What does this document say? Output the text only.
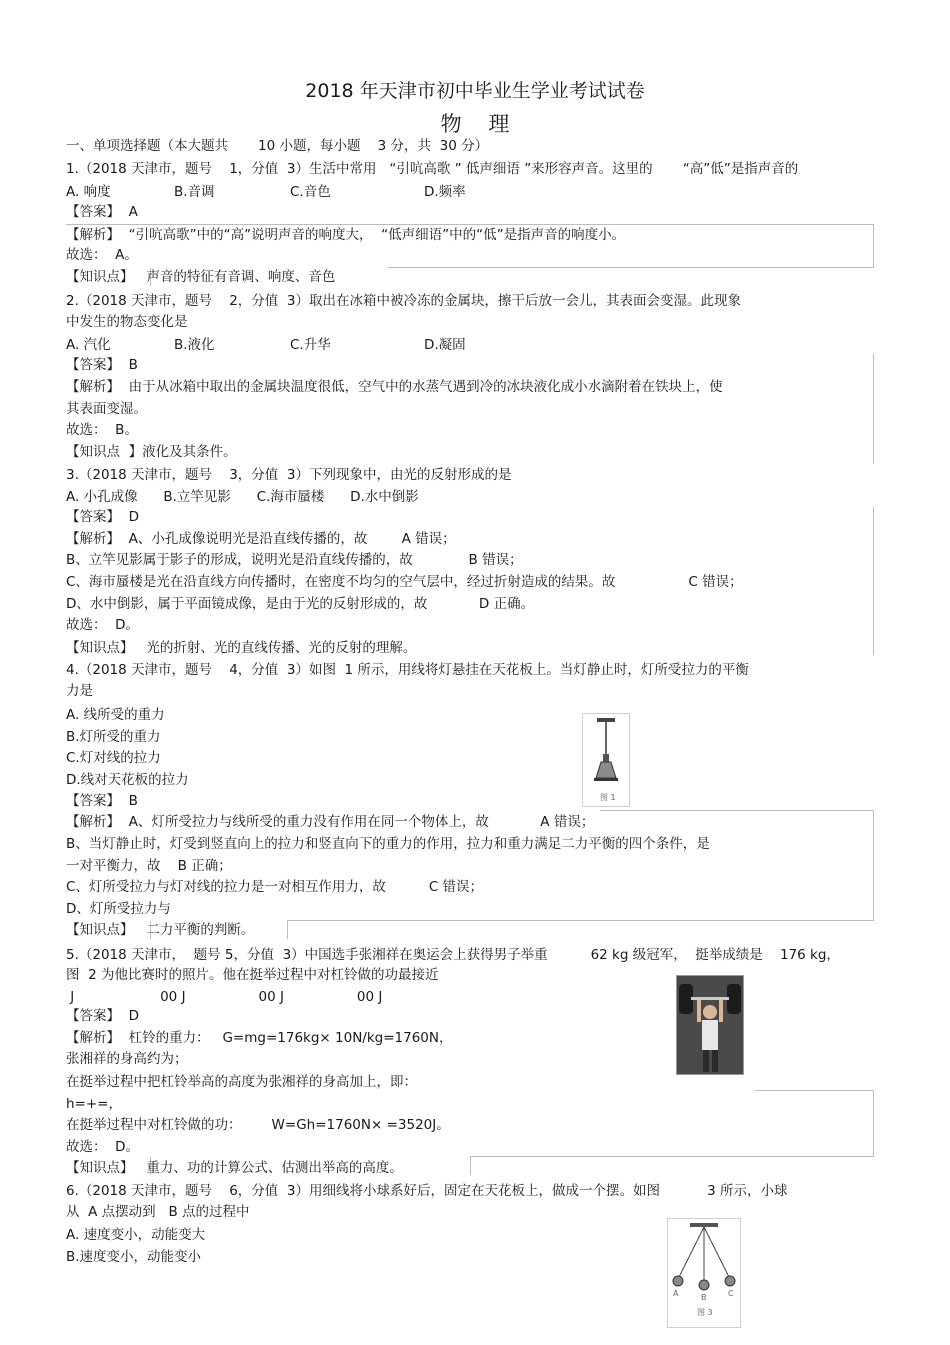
2018 年天津市初中毕业生学业考试试卷
物    理
一、单项选择题（本大题共       10 小题，每小题    3 分，共  30 分）
1.（2018 天津市，题号    1，分值  3）生活中常用   “引吭高歌 ” 低声细语 ”来形容声音。这里的       “高”低”是指声音的
A. 响度	B.音调	C.音色	D.频率
【答案】  A
【解析】  “引吭高歌”中的“高”说明声音的响度大，  “低声细语”中的“低”是指声音的响度小。
故选：  A。
【知识点】   声音的特征有音调、响度、音色
2.（2018 天津市，题号    2，分值  3）取出在冰箱中被冷冻的金属块，擦干后放一会儿，其表面会变湿。此现象
中发生的物态变化是
A. 汽化	B.液化	C.升华	D.凝固
【答案】  B
【解析】  由于从冰箱中取出的金属块温度很低，空气中的水蒸气遇到冷的冰块液化成小水滴附着在铁块上，使
其表面变湿。
故选：  B。
【知识点  】液化及其条件。
3.（2018 天津市，题号    3，分值  3）下列现象中，由光的反射形成的是
A. 小孔成像      B.立竿见影      C.海市蜃楼      D.水中倒影
【答案】  D
【解析】  A、小孔成像说明光是沿直线传播的，故        A 错误；
B、立竿见影属于影子的形成，说明光是沿直线传播的，故             B 错误；
C、海市蜃楼是光在沿直线方向传播时，在密度不均匀的空气层中，经过折射造成的结果。故                 C 错误；
D、水中倒影，属于平面镜成像，是由于光的反射形成的，故            D 正确。
故选：  D。
【知识点】   光的折射、光的直线传播、光的反射的理解。
4.（2018 天津市，题号    4，分值  3）如图  1 所示，用线将灯悬挂在天花板上。当灯静止时，灯所受拉力的平衡
力是
A. 线所受的重力
B.灯所受的重力
C.灯对线的拉力
D.线对天花板的拉力
【答案】  B	图 1
【解析】  A、灯所受拉力与线所受的重力没有作用在同一个物体上，故            A 错误；
B、当灯静止时，灯受到竖直向上的拉力和竖直向下的重力的作用，拉力和重力满足二力平衡的四个条件，是
一对平衡力，故    B 正确；
C、灯所受拉力与灯对线的拉力是一对相互作用力，故          C 错误；
D、灯所受拉力与
【知识点】   二力平衡的判断。
5.（2018 天津市，  题号 5，分值  3）中国选手张湘祥在奥运会上获得男子举重          62 kg 级冠军，  挺举成绩是    176 kg，
图  2 为他比赛时的照片。他在挺举过程中对杠铃做的功最接近
J                    00 J                 00 J                 00 J
【答案】  D
【解析】  杠铃的重力：   G=mg=176kg× 10N/kg=1760N，
张湘祥的身高约为；
在挺举过程中把杠铃举高的高度为张湘祥的身高加上，即：
h=+=，
在挺举过程中对杠铃做的功：       W=Gh=1760N× =3520J。
故选：  D。
【知识点】   重力、功的计算公式、估测出举高的高度。
6.（2018 天津市，题号    6，分值  3）用细线将小球系好后，固定在天花板上，做成一个摆。如图           3 所示，小球
从  A 点摆动到   B 点的过程中
A. 速度变小，动能变大
B.速度变小，动能变小
A	B	C
图 3
